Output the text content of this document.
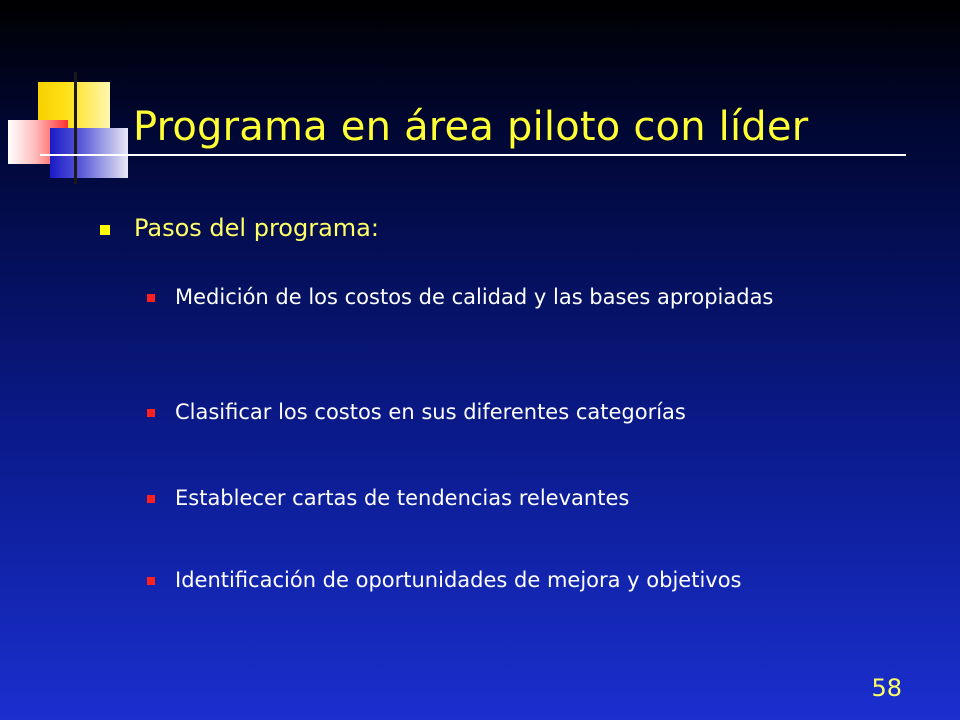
Programa en área piloto con líder
Pasos del programa:
Medición de los costos de calidad y las bases apropiadas
Clasificar los costos en sus diferentes categorías
Establecer cartas de tendencias relevantes
Identificación de oportunidades de mejora y objetivos
58
